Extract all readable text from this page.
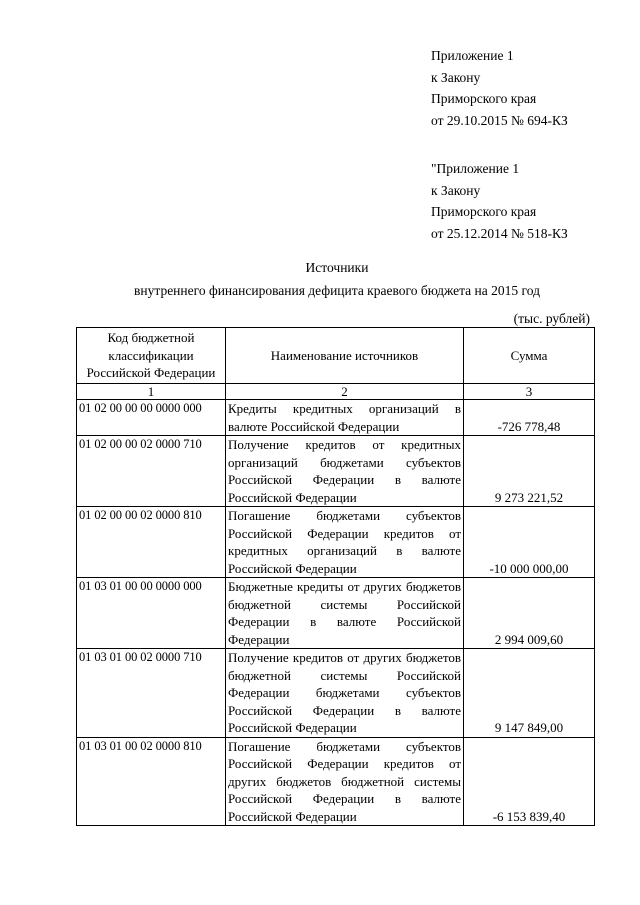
Приложение 1
к Закону
Приморского края
от 29.10.2015 № 694-КЗ
"Приложение 1
к Закону
Приморского края
от 25.12.2014 № 518-КЗ
Источники
внутреннего финансирования дефицита краевого бюджета на 2015 год
(тыс. рублей)
Код бюджетной классификации Российской Федерации	Наименование источников	Сумма
1	2	3
01 02 00 00 00 0000 000	Кредиты кредитных организаций в валюте Российской Федерации	-726 778,48
01 02 00 00 02 0000 710	Получение кредитов от кредитных организаций бюджетами субъектов Российской Федерации в валюте Российской Федерации	9 273 221,52
01 02 00 00 02 0000 810	Погашение бюджетами субъектов Российской Федерации кредитов от кредитных организаций в валюте Российской Федерации	-10 000 000,00
01 03 01 00 00 0000 000	Бюджетные кредиты от других бюджетов бюджетной системы Российской Федерации в валюте Российской Федерации	2 994 009,60
01 03 01 00 02 0000 710	Получение кредитов от других бюджетов бюджетной системы Российской Федерации бюджетами субъектов Российской Федерации в валюте Российской Федерации	9 147 849,00
01 03 01 00 02 0000 810	Погашение бюджетами субъектов Российской Федерации кредитов от других бюджетов бюджетной системы Российской Федерации в валюте Российской Федерации	-6 153 839,40
